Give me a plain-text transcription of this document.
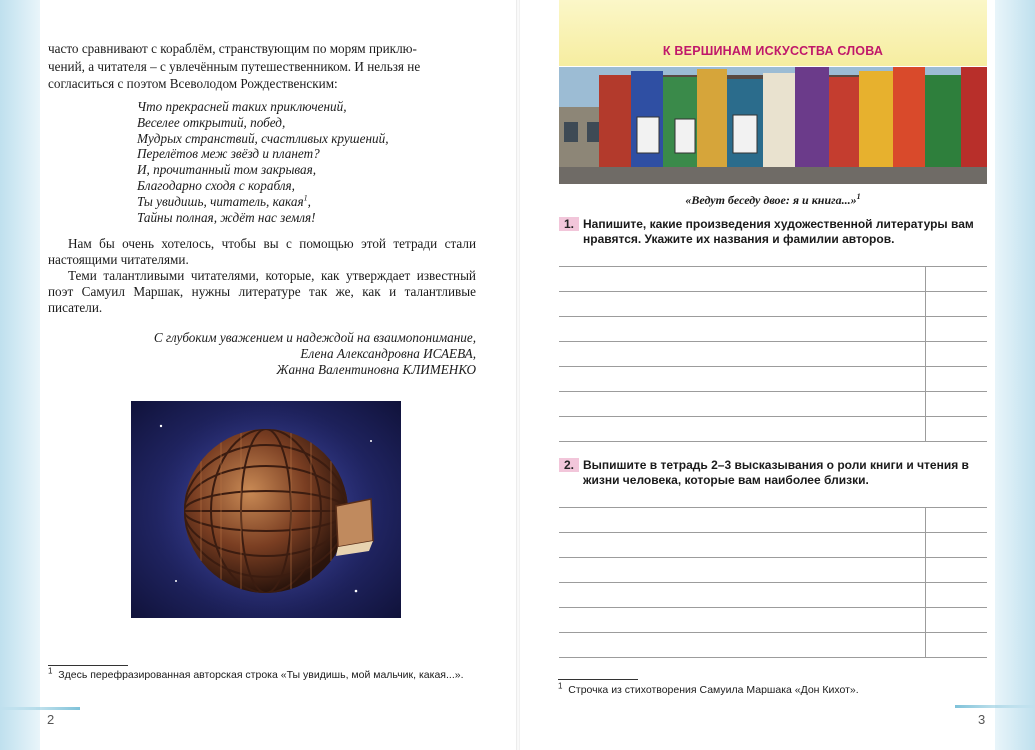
часто сравнивают с кораблём, странствующим по морям приклю-

чений, а читателя – с увлечённым путешественником. И нельзя не

согласиться с поэтом Всеволодом Рождественским:

Что прекрасней таких приключений,
Веселее открытий, побед,
Мудрых странствий, счастливых крушений,
Перелётов меж звёзд и планет?
И, прочитанный том закрывая,
Благодарно сходя с корабля,
Ты увидишь, читатель, какая$^1$,
Тайны полная, ждёт нас земля!

Нам бы очень хотелось, чтобы вы с помощью этой тетради стали настоящими читателями.

Теми талантливыми читателями, которые, как утверждает известный поэт Самуил Маршак, нужны литературе так же, как и талантливые писатели.

С глубоким уважением и надеждой на взаимопонимание,
Елена Александровна ИСАЕВА,
Жанна Валентиновна КЛИМЕНКО
$^1$ Здесь перефразированная авторская строка «Ты увидишь, мой мальчик, какая...».
2
К ВЕРШИНАМ ИСКУССТВА СЛОВА
«Ведут беседу двое: я и книга...»$^1$
1. Напишите, какие произведения художественной литературы вам нравятся. Укажите их названия и фамилии авторов.
2. Выпишите в тетрадь 2–3 высказывания о роли книги и чтения в жизни человека, которые вам наиболее близки.
$^1$ Строчка из стихотворения Самуила Маршака «Дон Кихот».
3
